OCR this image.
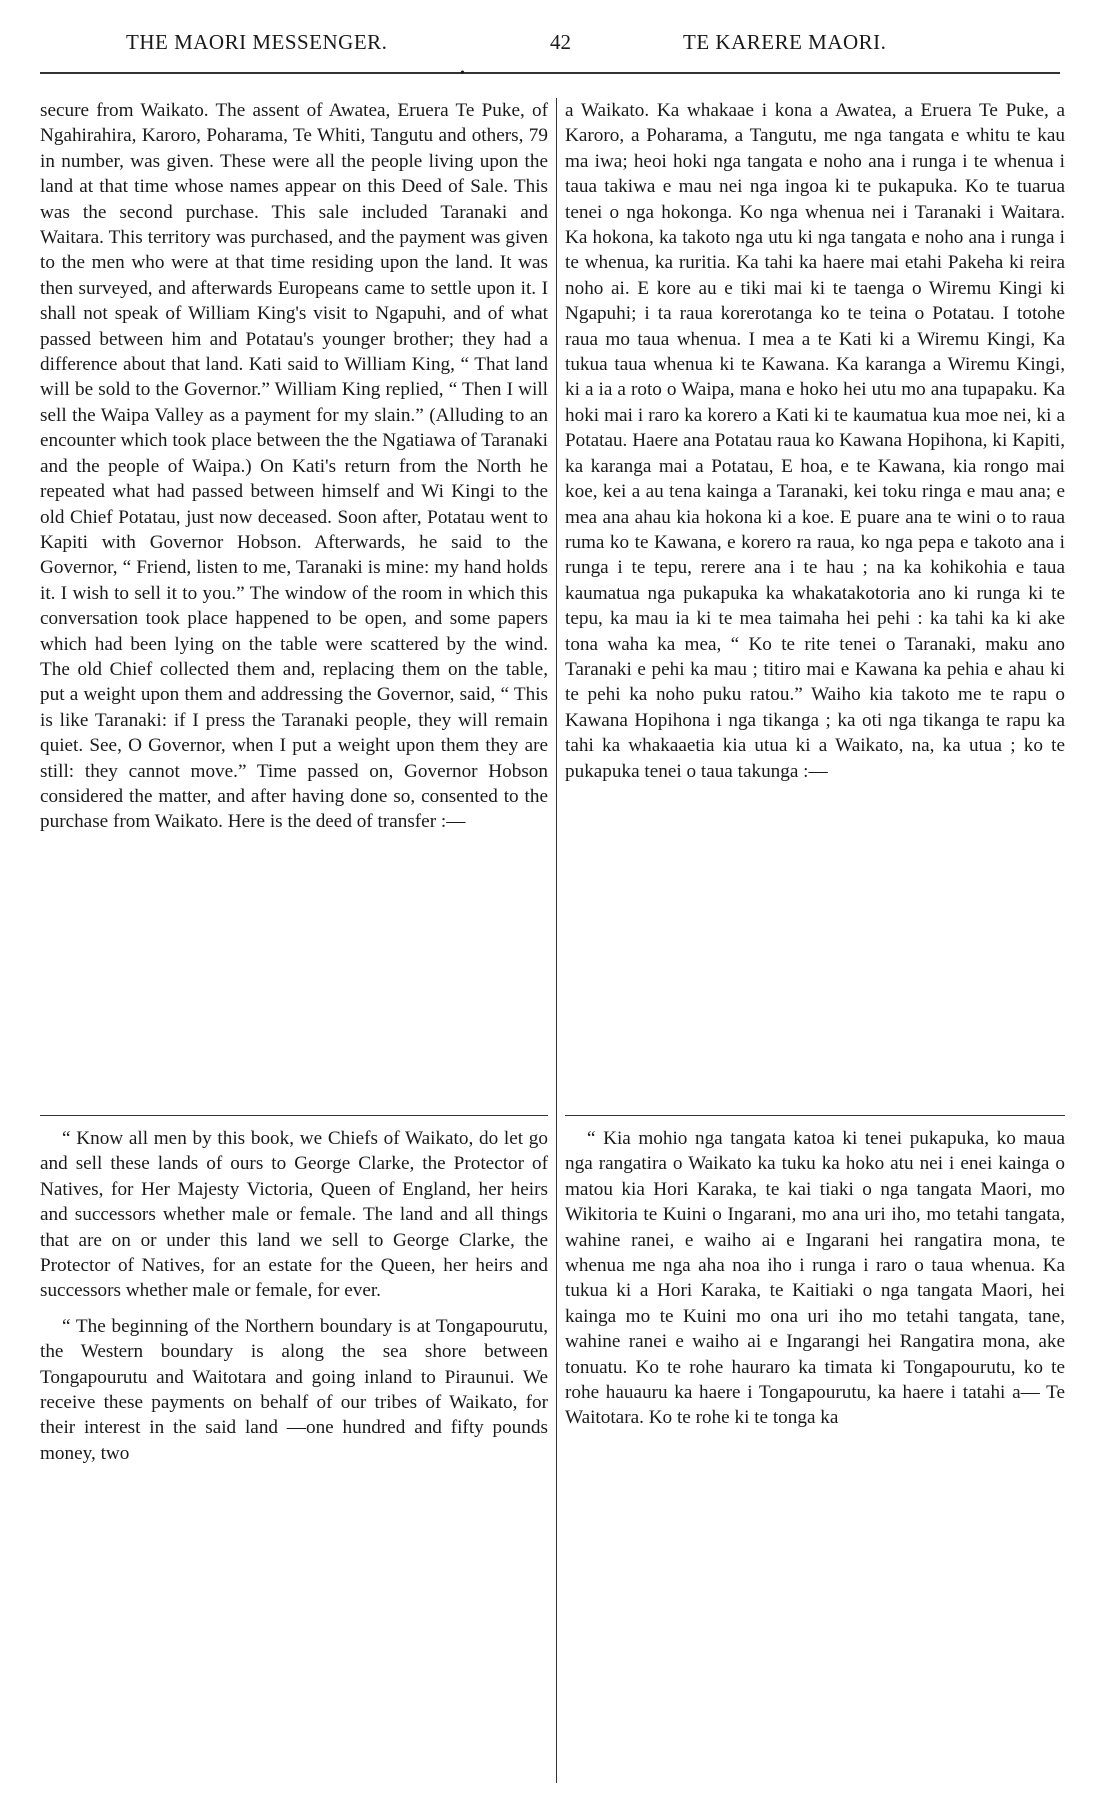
THE MAORI MESSENGER.	42	TE KARERE MAORI.
•

secure from Waikato. The assent of Awatea, Eruera Te Puke, of Ngahirahira, Karoro, Poharama, Te Whiti, Tangutu and others, 79 in number, was given. These were all the people living upon the land at that time whose names appear on this Deed of Sale. This was the second purchase. This sale included Taranaki and Waitara. This territory was purchased, and the payment was given to the men who were at that time residing upon the land. It was then surveyed, and afterwards Europeans came to settle upon it. I shall not speak of William King's visit to Ngapuhi, and of what passed between him and Potatau's younger brother; they had a difference about that land. Kati said to William King, “ That land will be sold to the Governor.” William King replied, “ Then I will sell the Waipa Valley as a payment for my slain.” (Alluding to an encounter which took place between the the Ngatiawa of Taranaki and the people of Waipa.) On Kati's return from the North he repeated what had passed between himself and Wi Kingi to the old Chief Potatau, just now deceased. Soon after, Potatau went to Kapiti with Governor Hobson. Afterwards, he said to the Governor, “ Friend, listen to me, Taranaki is mine: my hand holds it. I wish to sell it to you.” The window of the room in which this conversation took place happened to be open, and some papers which had been lying on the table were scattered by the wind. The old Chief collected them and, replacing them on the table, put a weight upon them and addressing the Governor, said, “ This is like Taranaki: if I press the Taranaki people, they will remain quiet. See, O Governor, when I put a weight upon them they are still: they cannot move.” Time passed on, Governor Hobson considered the matter, and after having done so, consented to the purchase from Waikato. Here is the deed of transfer :—

a Waikato. Ka whakaae i kona a Awatea, a Eruera Te Puke, a Karoro, a Poharama, a Tangutu, me nga tangata e whitu te kau ma iwa; heoi hoki nga tangata e noho ana i runga i te whenua i taua takiwa e mau nei nga ingoa ki te pukapuka. Ko te tuarua tenei o nga hokonga. Ko nga whenua nei i Taranaki i Waitara. Ka hokona, ka takoto nga utu ki nga tangata e noho ana i runga i te whenua, ka ruritia. Ka tahi ka haere mai etahi Pakeha ki reira noho ai. E kore au e tiki mai ki te taenga o Wiremu Kingi ki Ngapuhi; i ta raua korerotanga ko te teina o Potatau. I totohe raua mo taua whenua. I mea a te Kati ki a Wiremu Kingi, Ka tukua taua whenua ki te Kawana. Ka karanga a Wiremu Kingi, ki a ia a roto o Waipa, mana e hoko hei utu mo ana tupapaku. Ka hoki mai i raro ka korero a Kati ki te kaumatua kua moe nei, ki a Potatau. Haere ana Potatau raua ko Kawana Hopihona, ki Kapiti, ka karanga mai a Potatau, E hoa, e te Kawana, kia rongo mai koe, kei a au tena kainga a Taranaki, kei toku ringa e mau ana; e mea ana ahau kia hokona ki a koe. E puare ana te wini o to raua ruma ko te Kawana, e korero ra raua, ko nga pepa e takoto ana i runga i te tepu, rerere ana i te hau ; na ka kohikohia e taua kaumatua nga pukapuka ka whakatakotoria ano ki runga ki te tepu, ka mau ia ki te mea taimaha hei pehi : ka tahi ka ki ake tona waha ka mea, “ Ko te rite tenei o Taranaki, maku ano Taranaki e pehi ka mau ; titiro mai e Kawana ka pehia e ahau ki te pehi ka noho puku ratou.” Waiho kia takoto me te rapu o Kawana Hopihona i nga tikanga ; ka oti nga tikanga te rapu ka tahi ka whakaaetia kia utua ki a Waikato, na, ka utua ; ko te pukapuka tenei o taua takunga :—

“ Know all men by this book, we Chiefs of Waikato, do let go and sell these lands of ours to George Clarke, the Protector of Natives, for Her Majesty Victoria, Queen of England, her heirs and successors whether male or female. The land and all things that are on or under this land we sell to George Clarke, the Protector of Natives, for an estate for the Queen, her heirs and successors whether male or female, for ever.

“ The beginning of the Northern boundary is at Tongapourutu, the Western boundary is along the sea shore between Tongapourutu and Waitotara and going inland to Piraunui. We receive these payments on behalf of our tribes of Waikato, for their interest in the said land —one hundred and fifty pounds money, two

“ Kia mohio nga tangata katoa ki tenei pukapuka, ko maua nga rangatira o Waikato ka tuku ka hoko atu nei i enei kainga o matou kia Hori Karaka, te kai tiaki o nga tangata Maori, mo Wikitoria te Kuini o Ingarani, mo ana uri iho, mo tetahi tangata, wahine ranei, e waiho ai e Ingarani hei rangatira mona, te whenua me nga aha noa iho i runga i raro o taua whenua. Ka tukua ki a Hori Karaka, te Kaitiaki o nga tangata Maori, hei kainga mo te Kuini mo ona uri iho mo tetahi tangata, tane, wahine ranei e waiho ai e Ingarangi hei Rangatira mona, ake tonuatu. Ko te rohe hauraro ka timata ki Tongapourutu, ko te rohe hauauru ka haere i Tongapourutu, ka haere i tatahi a— Te Waitotara. Ko te rohe ki te tonga ka
